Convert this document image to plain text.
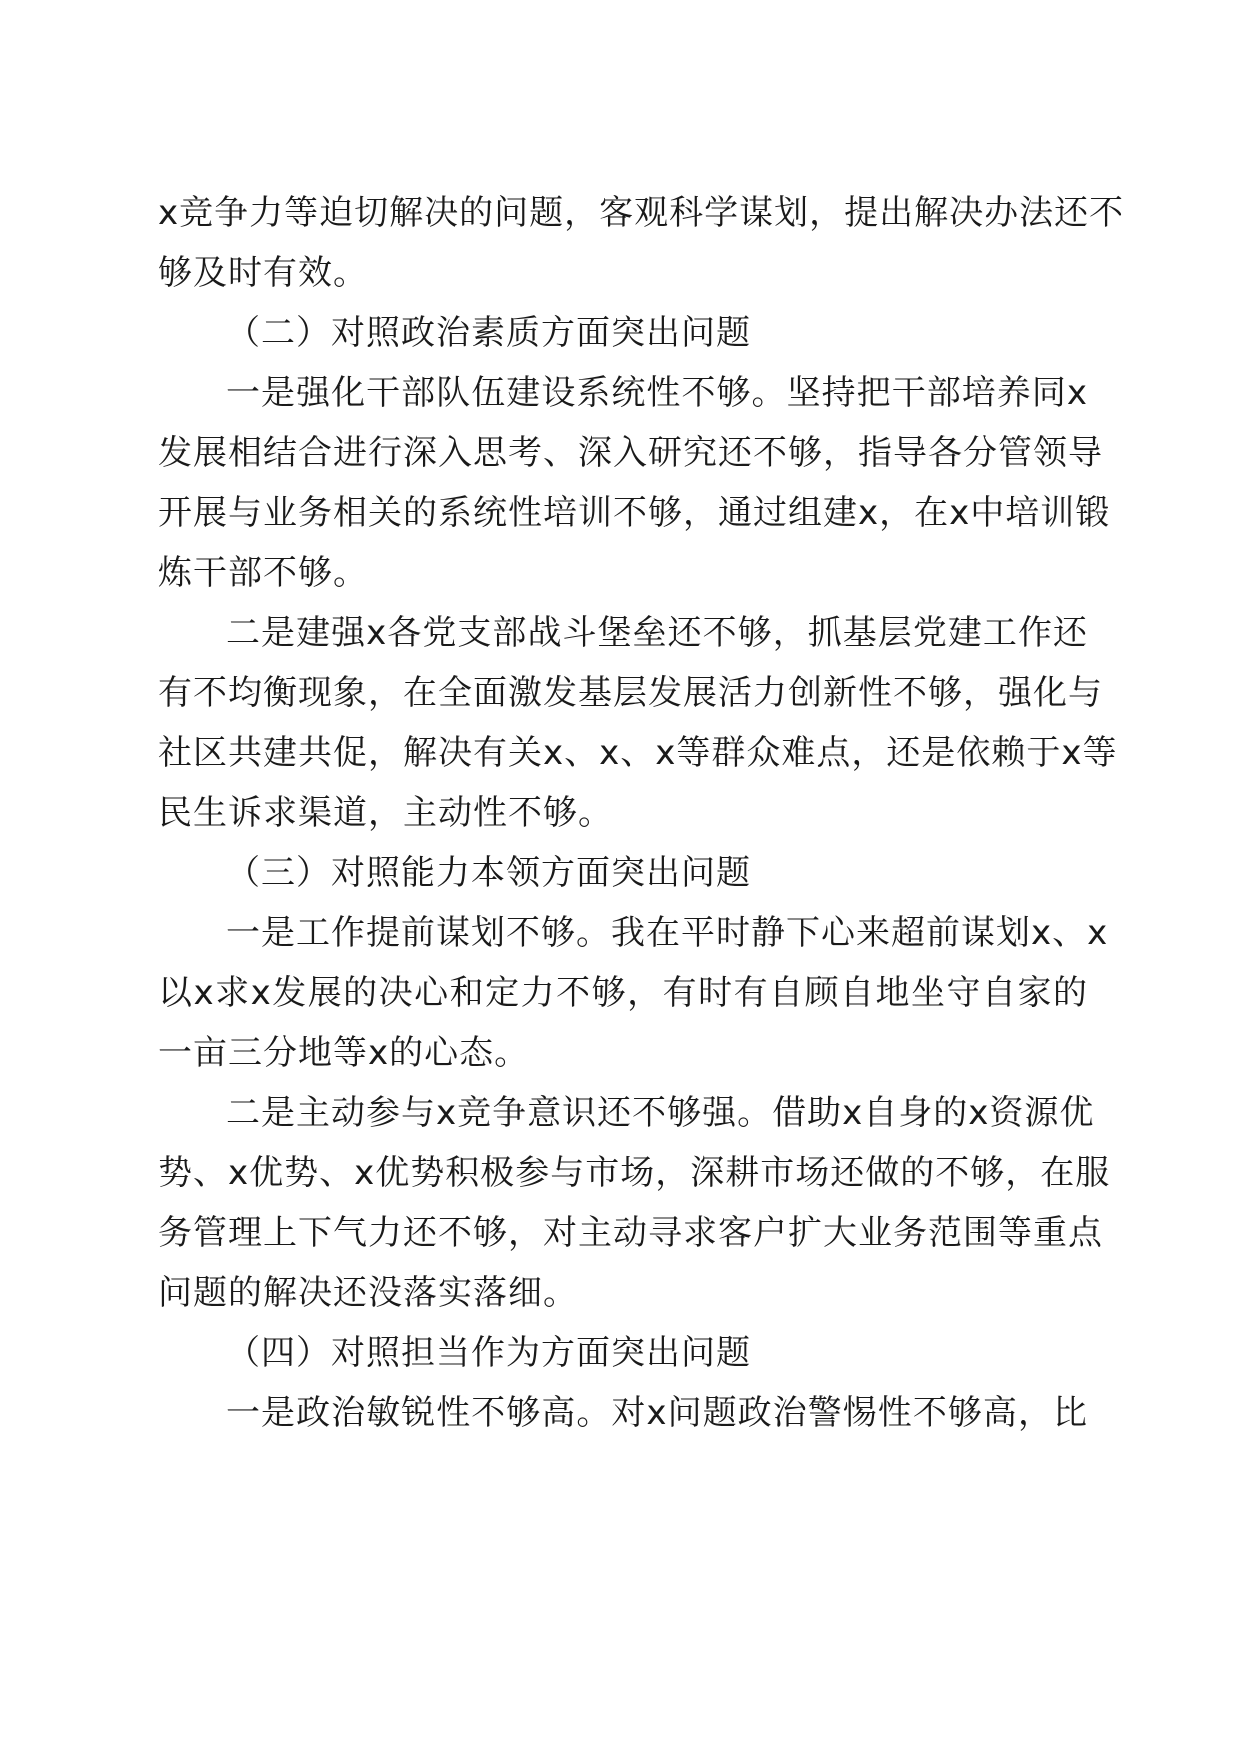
x竞争力等迫切解决的问题，客观科学谋划，提出解决办法还不
够及时有效。
（二）对照政治素质方面突出问题
一是强化干部队伍建设系统性不够。坚持把干部培养同x
发展相结合进行深入思考、深入研究还不够，指导各分管领导
开展与业务相关的系统性培训不够，通过组建x，在x中培训锻
炼干部不够。
二是建强x各党支部战斗堡垒还不够，抓基层党建工作还
有不均衡现象，在全面激发基层发展活力创新性不够，强化与
社区共建共促，解决有关x、x、x等群众难点，还是依赖于x等
民生诉求渠道，主动性不够。
（三）对照能力本领方面突出问题
一是工作提前谋划不够。我在平时静下心来超前谋划x、x
以x求x发展的决心和定力不够，有时有自顾自地坐守自家的
一亩三分地等x的心态。
二是主动参与x竞争意识还不够强。借助x自身的x资源优
势、x优势、x优势积极参与市场，深耕市场还做的不够，在服
务管理上下气力还不够，对主动寻求客户扩大业务范围等重点
问题的解决还没落实落细。
（四）对照担当作为方面突出问题
一是政治敏锐性不够高。对x问题政治警惕性不够高，比
